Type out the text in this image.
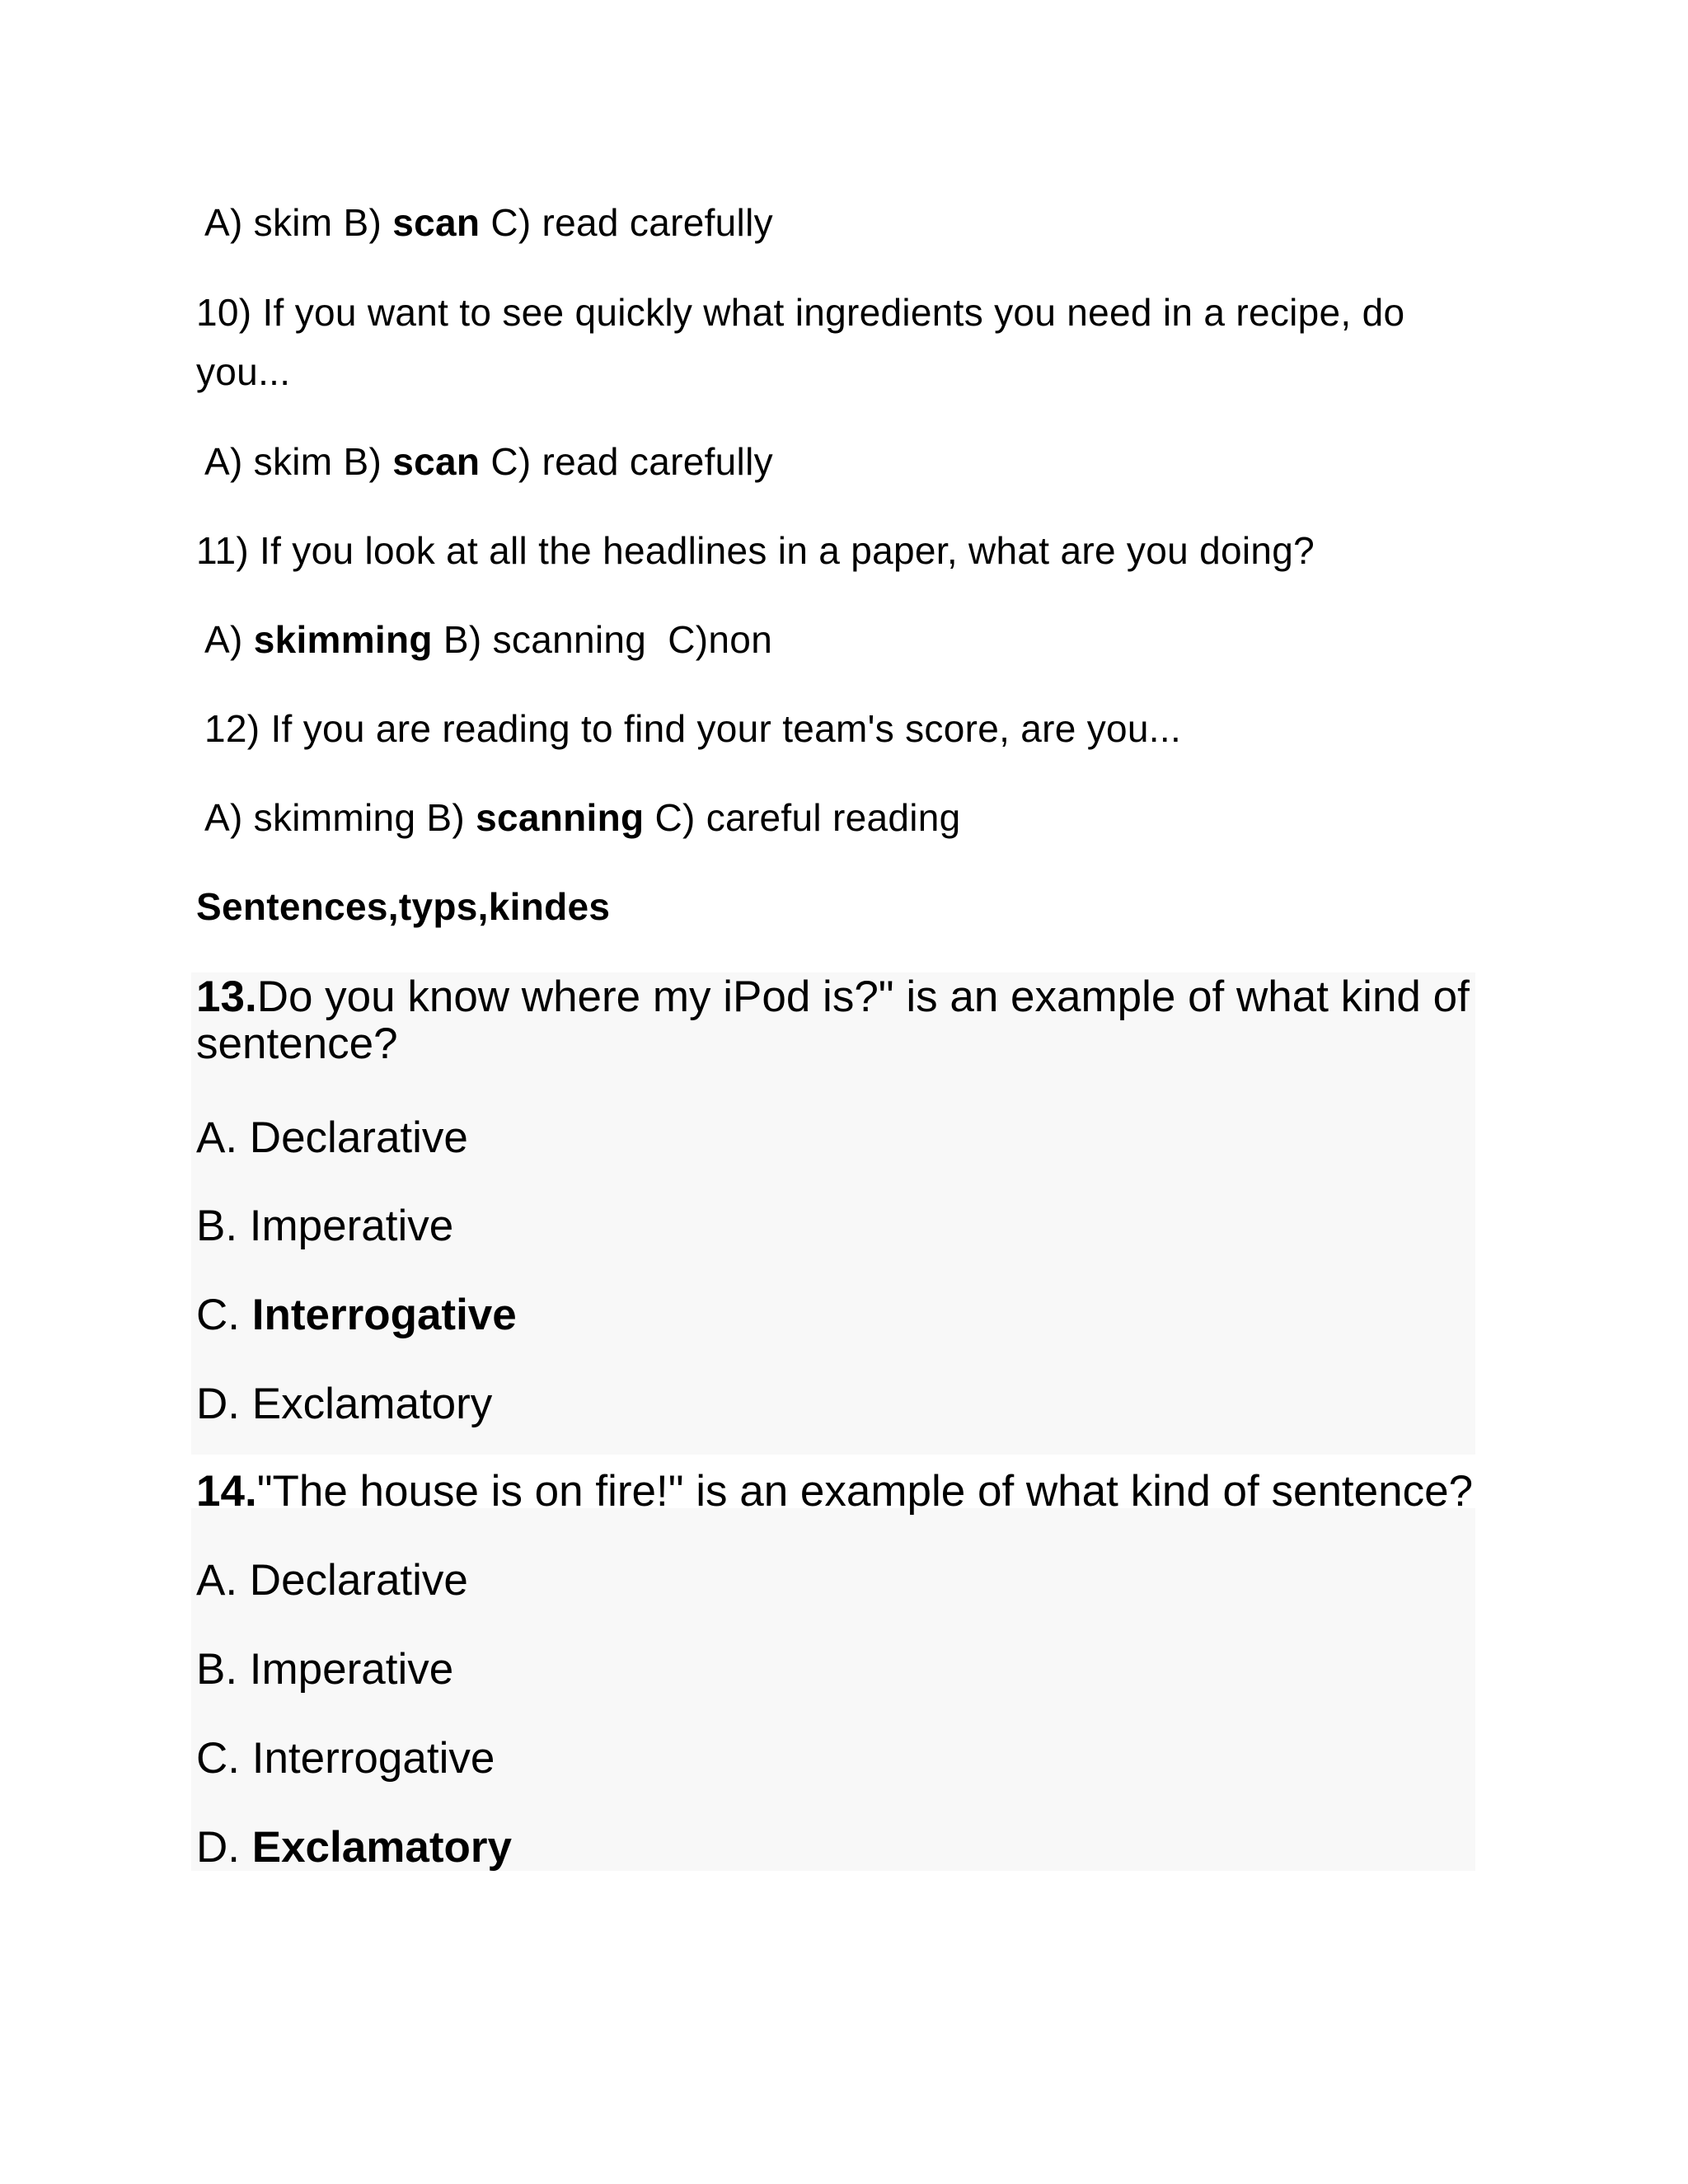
A) skim B) scan C) read carefully
10) If you want to see quickly what ingredients you need in a recipe, do
you...
A) skim B) scan C) read carefully
11) If you look at all the headlines in a paper, what are you doing?
A) skimming B) scanning  C)non
12) If you are reading to find your team's score, are you...
A) skimming B) scanning C) careful reading
Sentences,typs,kindes
13.Do you know where my iPod is?" is an example of what kind of
sentence?
A. Declarative
B. Imperative
C. Interrogative
D. Exclamatory
14."The house is on fire!" is an example of what kind of sentence?
A. Declarative
B. Imperative
C. Interrogative
D. Exclamatory
